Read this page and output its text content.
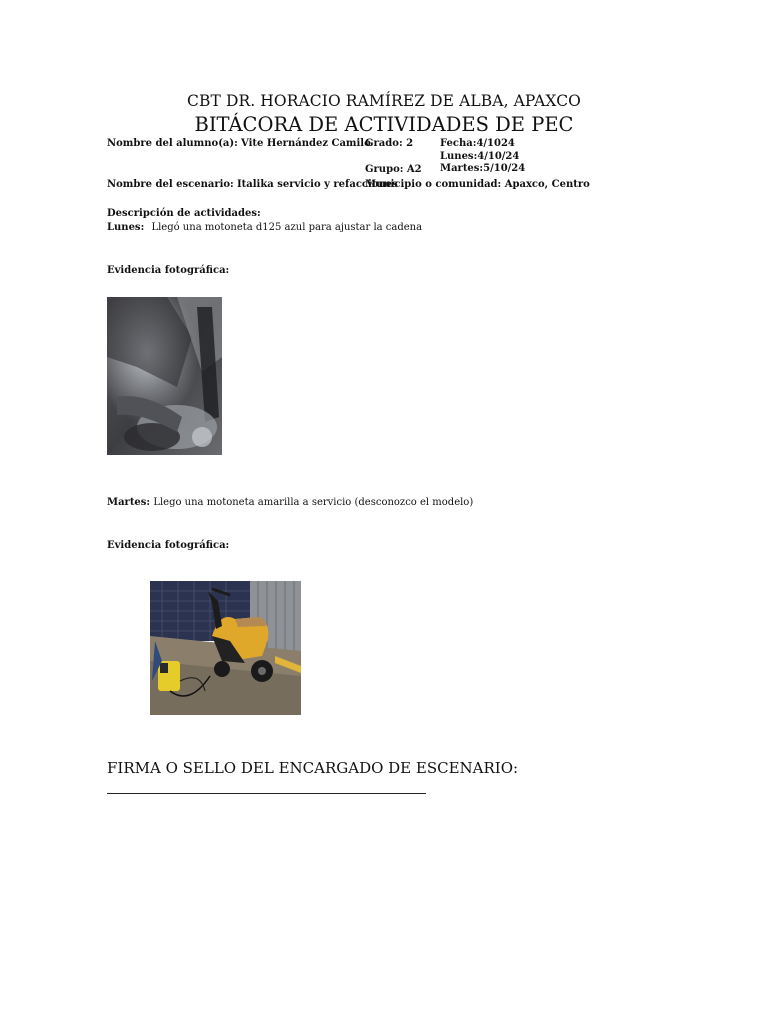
CBT DR. HORACIO RAMÍREZ DE ALBA, APAXCO
BITÁCORA DE ACTIVIDADES DE PEC
Nombre del alumno(a): Vite Hernández Camilo
Grado: 2	Fecha:4/1024
Lunes:4/10/24
Grupo: A2 Martes:5/10/24
Nombre del escenario: Italika servicio y refacciones
Municipio o comunidad: Apaxco, Centro
Descripción de actividades:
Lunes: Llegó una motoneta d125 azul para ajustar la cadena
Evidencia fotográfica:
Martes: Llego una motoneta amarilla a servicio (desconozco el modelo)
Evidencia fotográfica:
FIRMA O SELLO DEL ENCARGADO DE ESCENARIO:
